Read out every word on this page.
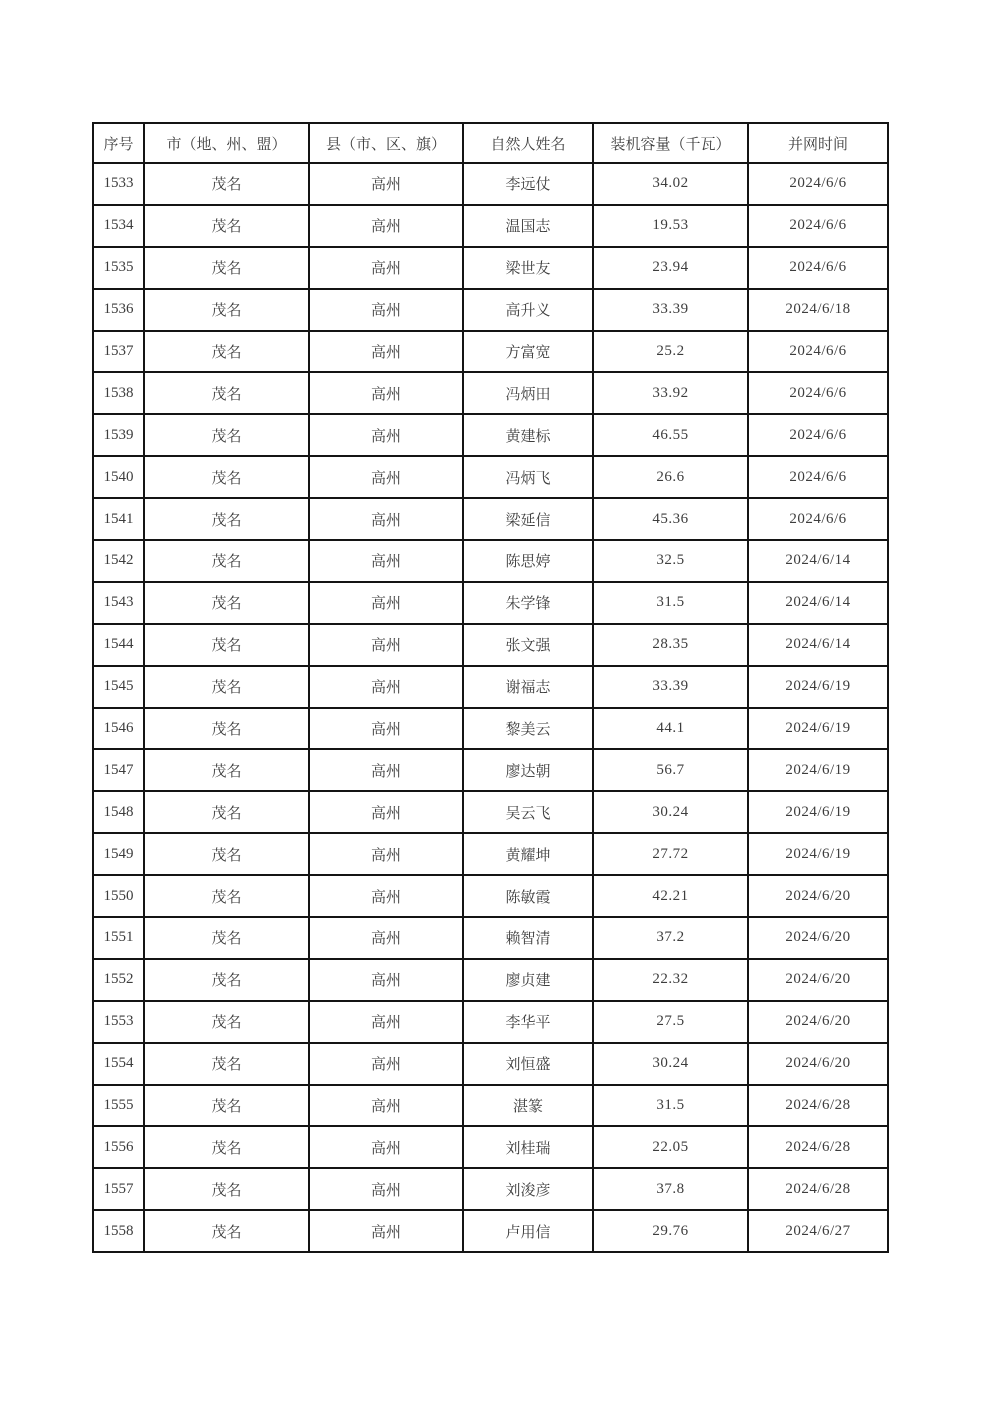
序号	市（地、州、盟）	县（市、区、旗）	自然人姓名	装机容量（千瓦）	并网时间
1533	茂名	高州	李远仗	34.02	2024/6/6
1534	茂名	高州	温国志	19.53	2024/6/6
1535	茂名	高州	梁世友	23.94	2024/6/6
1536	茂名	高州	高升义	33.39	2024/6/18
1537	茂名	高州	方富宽	25.2	2024/6/6
1538	茂名	高州	冯炳田	33.92	2024/6/6
1539	茂名	高州	黄建标	46.55	2024/6/6
1540	茂名	高州	冯炳飞	26.6	2024/6/6
1541	茂名	高州	梁延信	45.36	2024/6/6
1542	茂名	高州	陈思婷	32.5	2024/6/14
1543	茂名	高州	朱学锋	31.5	2024/6/14
1544	茂名	高州	张文强	28.35	2024/6/14
1545	茂名	高州	谢福志	33.39	2024/6/19
1546	茂名	高州	黎美云	44.1	2024/6/19
1547	茂名	高州	廖达朝	56.7	2024/6/19
1548	茂名	高州	吴云飞	30.24	2024/6/19
1549	茂名	高州	黄耀坤	27.72	2024/6/19
1550	茂名	高州	陈敏霞	42.21	2024/6/20
1551	茂名	高州	赖智清	37.2	2024/6/20
1552	茂名	高州	廖贞建	22.32	2024/6/20
1553	茂名	高州	李华平	27.5	2024/6/20
1554	茂名	高州	刘恒盛	30.24	2024/6/20
1555	茂名	高州	湛篆	31.5	2024/6/28
1556	茂名	高州	刘桂瑞	22.05	2024/6/28
1557	茂名	高州	刘浚彦	37.8	2024/6/28
1558	茂名	高州	卢用信	29.76	2024/6/27
